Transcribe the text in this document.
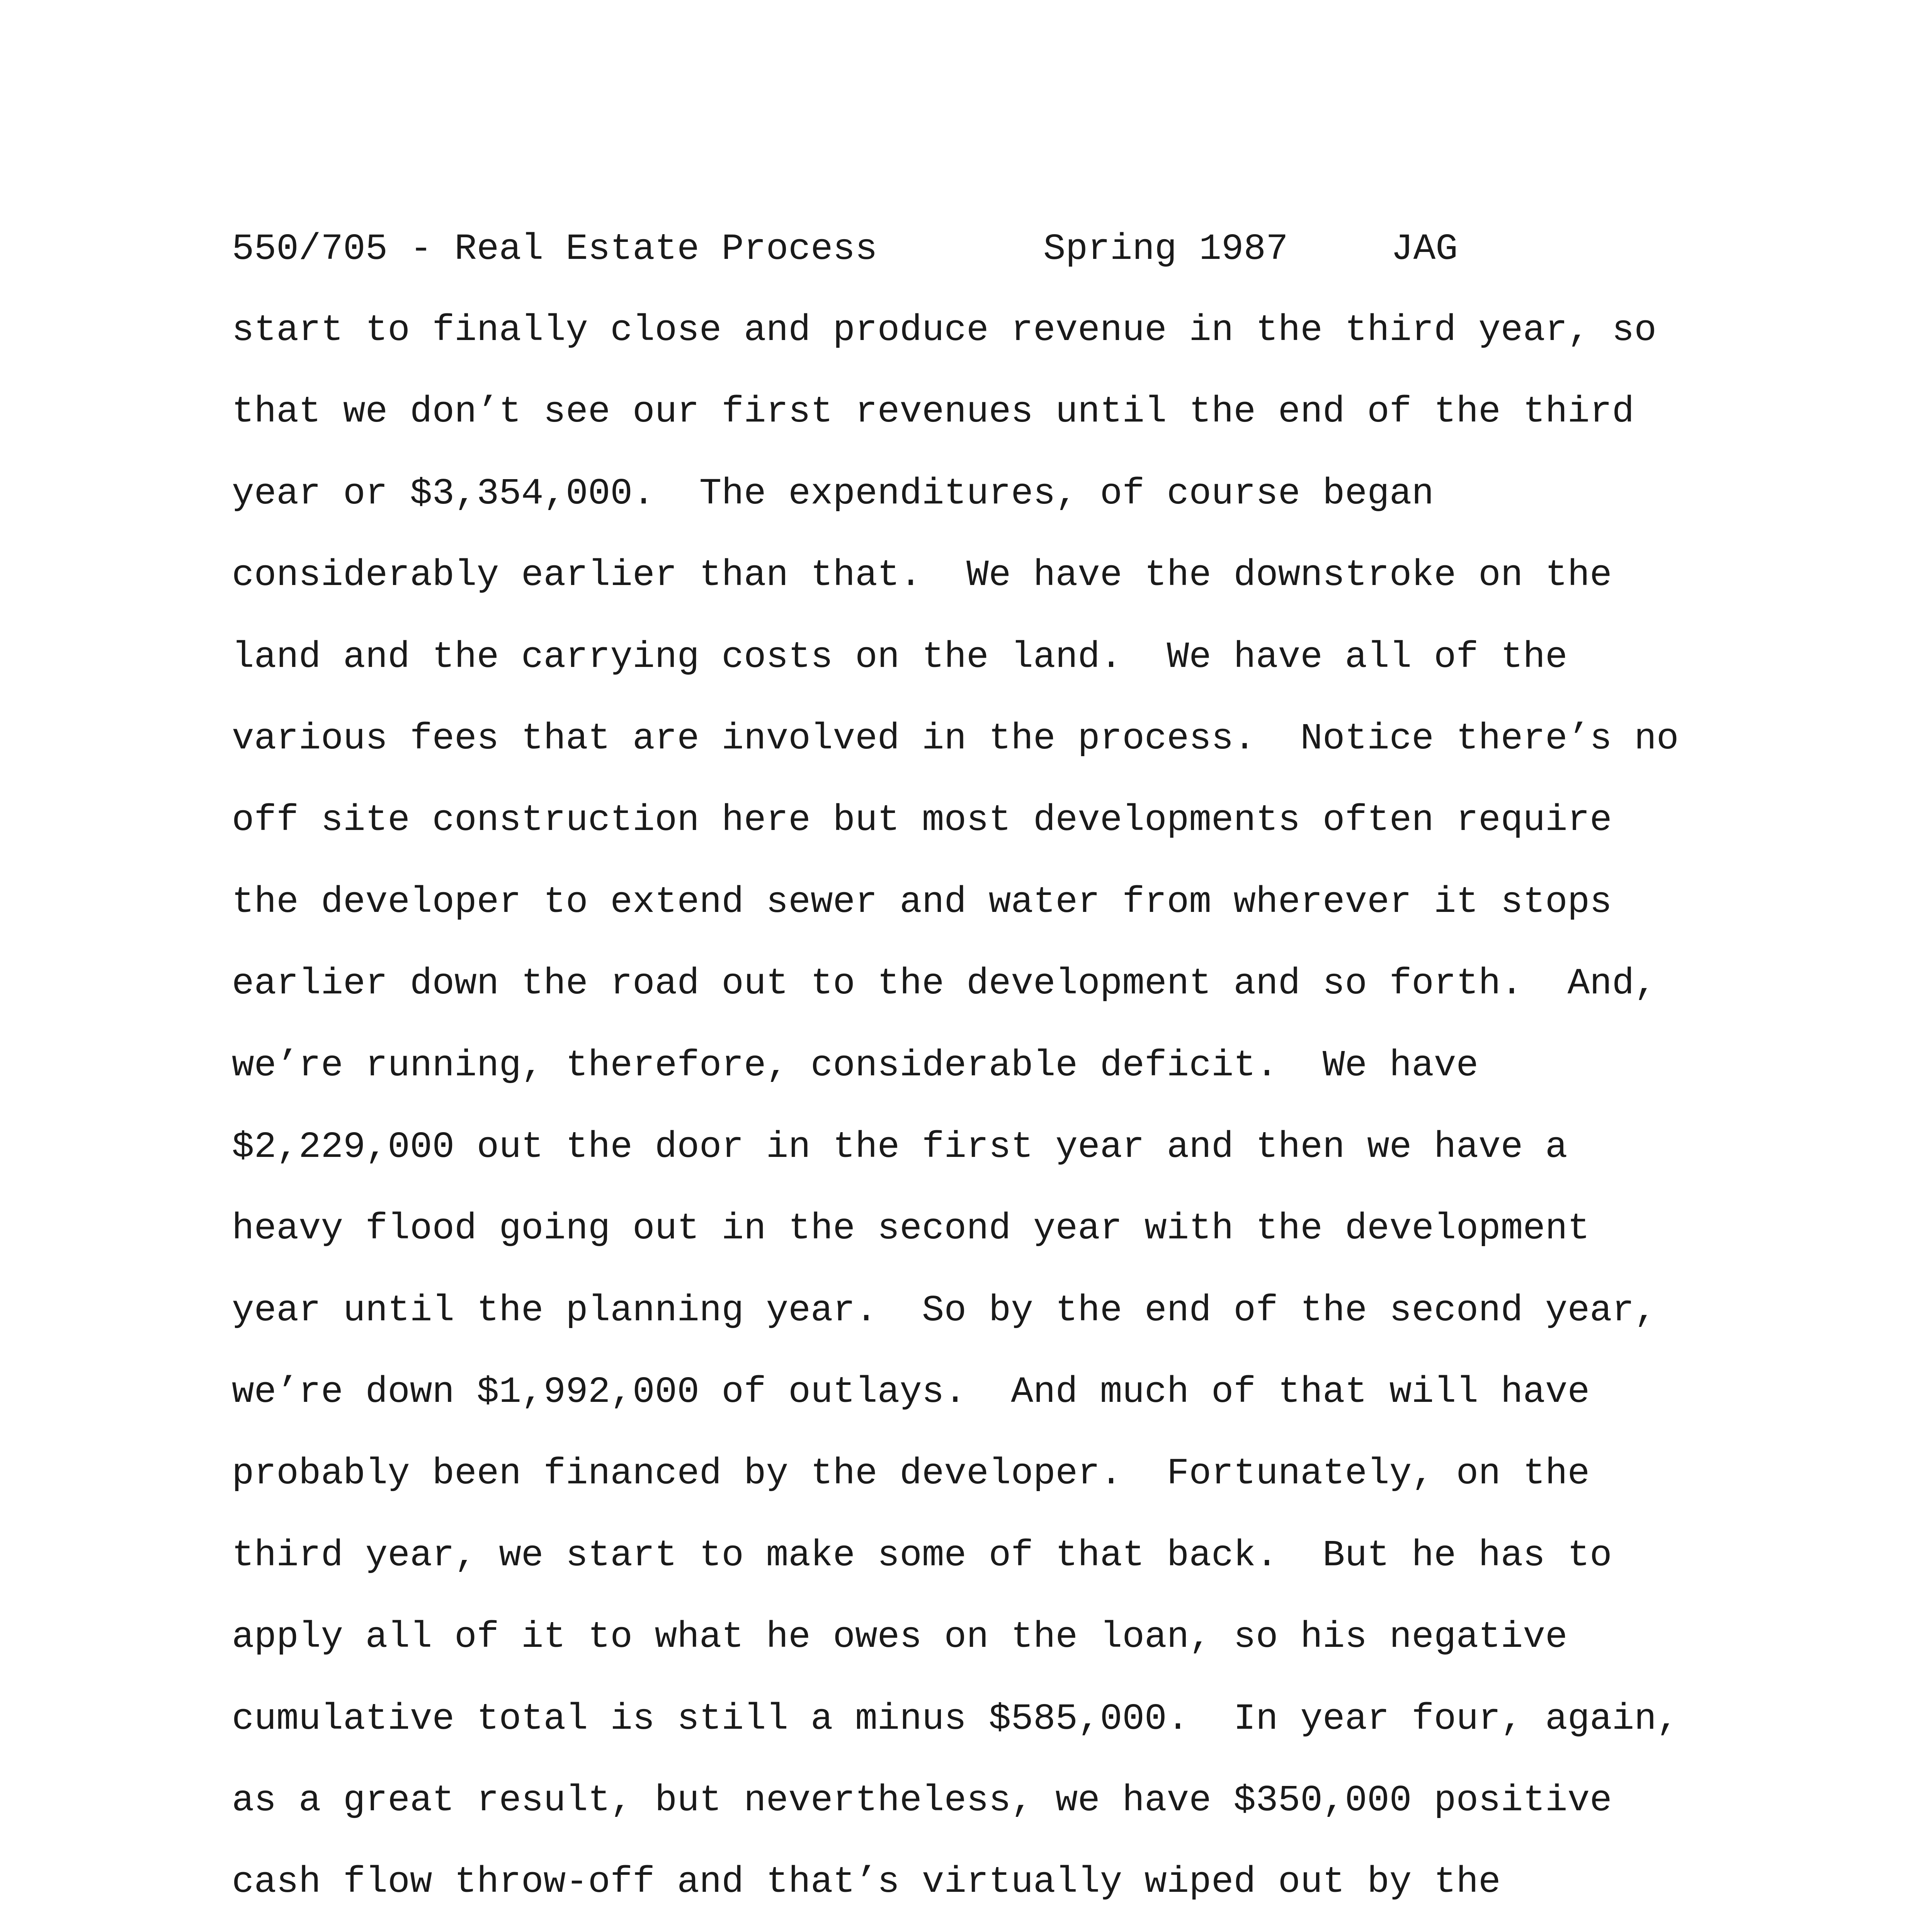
550/705 - Real Estate Process

	Spring 1987

	JAG

start to finally close and produce revenue in the third year, so
that we don’t see our first revenues until the end of the third
year or $3,354,000.  The expenditures, of course began
considerably earlier than that.  We have the downstroke on the
land and the carrying costs on the land.  We have all of the
various fees that are involved in the process.  Notice there’s no
off site construction here but most developments often require
the developer to extend sewer and water from wherever it stops
earlier down the road out to the development and so forth.  And,
we’re running, therefore, considerable deficit.  We have
$2,229,000 out the door in the first year and then we have a
heavy flood going out in the second year with the development
year until the planning year.  So by the end of the second year,
we’re down $1,992,000 of outlays.  And much of that will have
probably been financed by the developer.  Fortunately, on the
third year, we start to make some of that back.  But he has to
apply all of it to what he owes on the loan, so his negative
cumulative total is still a minus $585,000.  In year four, again,
as a great result, but nevertheless, we have $350,000 positive
cash flow throw-off and that’s virtually wiped out by the
